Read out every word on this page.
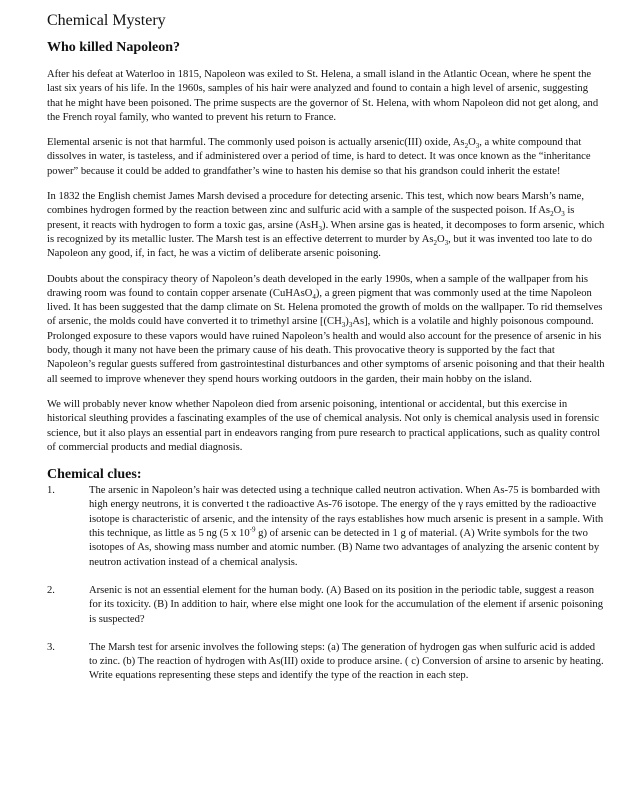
Chemical Mystery
Who killed Napoleon?

After his defeat at Waterloo in 1815, Napoleon was exiled to St. Helena, a small island in the Atlantic Ocean, where he spent the last six years of his life. In the 1960s, samples of his hair were analyzed and found to contain a high level of arsenic, suggesting that he might have been poisoned. The prime suspects are the governor of St. Helena, with whom Napoleon did not get along, and the French royal family, who wanted to prevent his return to France.

Elemental arsenic is not that harmful. The commonly used poison is actually arsenic(III) oxide, $As_2O_3$, a white compound that dissolves in water, is tasteless, and if administered over a period of time, is hard to detect. It was once known as the “inheritance power” because it could be added to grandfather’s wine to hasten his demise so that his grandson could inherit the estate!

In 1832 the English chemist James Marsh devised a procedure for detecting arsenic. This test, which now bears Marsh’s name, combines hydrogen formed by the reaction between zinc and sulfuric acid with a sample of the suspected poison. If $As_2O_3$ is present, it reacts with hydrogen to form a toxic gas, arsine (AsH$_3$). When arsine gas is heated, it decomposes to form arsenic, which is recognized by its metallic luster. The Marsh test is an effective deterrent to murder by $As_2O_3$, but it was invented too late to do Napoleon any good, if, in fact, he was a victim of deliberate arsenic poisoning.

Doubts about the conspiracy theory of Napoleon’s death developed in the early 1990s, when a sample of the wallpaper from his drawing room was found to contain copper arsenate (CuHAsO$_4$), a green pigment that was commonly used at the time Napoleon lived. It has been suggested that the damp climate on St. Helena promoted the growth of molds on the wallpaper. To rid themselves of arsenic, the molds could have converted it to trimethyl arsine $[(CH_3)_3As]$, which is a volatile and highly poisonous compound. Prolonged exposure to these vapors would have ruined Napoleon’s health and would also account for the presence of arsenic in his body, though it many not have been the primary cause of his death. This provocative theory is supported by the fact that Napoleon’s regular guests suffered from gastrointestinal disturbances and other symptoms of arsenic poisoning and that their health all seemed to improve whenever they spend hours working outdoors in the garden, their main hobby on the island.

We will probably never know whether Napoleon died from arsenic poisoning, intentional or accidental, but this exercise in historical sleuthing provides a fascinating examples of the use of chemical analysis. Not only is chemical analysis used in forensic science, but it also plays an essential part in endeavors ranging from pure research to practical applications, such as quality control of commercial products and medial diagnosis.

Chemical clues:
1.	The arsenic in Napoleon’s hair was detected using a technique called neutron activation. When As-75 is bombarded with high energy neutrons, it is converted t the radioactive As-76 isotope. The energy of the γ rays emitted by the radioactive isotope is characteristic of arsenic, and the intensity of the rays establishes how much arsenic is present in a sample. With this technique, as little as 5 ng (5 x $10^{-9}$ g) of arsenic can be detected in 1 g of material. (A) Write symbols for the two isotopes of As, showing mass number and atomic number. (B) Name two advantages of analyzing the arsenic content by neutron activation instead of a chemical analysis.
2.	Arsenic is not an essential element for the human body. (A) Based on its position in the periodic table, suggest a reason for its toxicity. (B) In addition to hair, where else might one look for the accumulation of the element if arsenic poisoning is suspected?
3.	The Marsh test for arsenic involves the following steps: (a) The generation of hydrogen gas when sulfuric acid is added to zinc. (b) The reaction of hydrogen with As(III) oxide to produce arsine. ( c) Conversion of arsine to arsenic by heating. Write equations representing these steps and identify the type of the reaction in each step.
